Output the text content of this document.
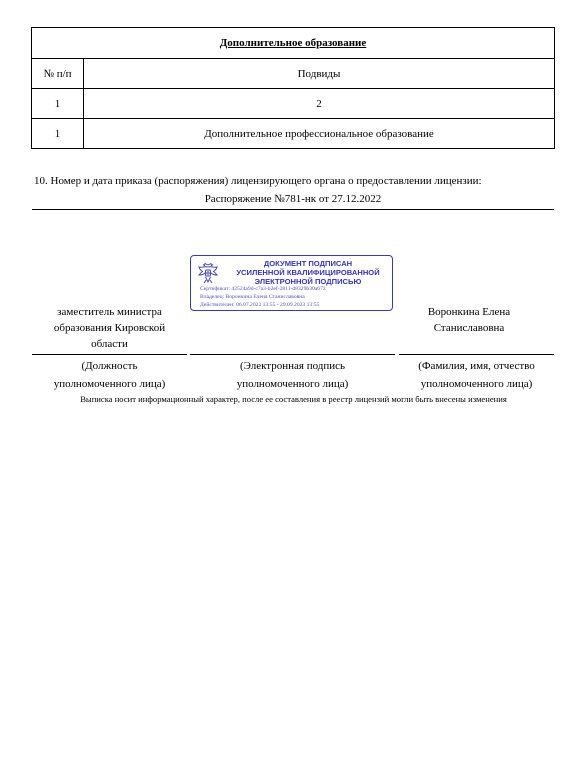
Дополнительное образование	
№ п/п	Подвиды
1	2
1	Дополнительное профессиональное образование
10. Номер и дата приказа (распоряжения) лицензирующего органа о предоставлении лицензии:
Распоряжение №781-нк от 27.12.2022
ДОКУМЕНТ ПОДПИСАН
УСИЛЕННОЙ КВАЛИФИЦИРОВАННОЙ
ЭЛЕКТРОННОЙ ПОДПИСЬЮ
Сертификат: 42524a9d-c7a3-b2ef-2811-d8329b30a672
Владелец: Воронкина Елена Станиславовна
Действителен: 06.07.2022 13:55 - 29.09.2023 13:55
заместитель министра
образования Кировской
области
Воронкина Елена
Станиславовна
(Должность
уполномоченного лица)
(Электронная подпись
уполномоченного лица)
(Фамилия, имя, отчество
уполномоченного лица)
Выписка носит информационный характер, после ее составления в реестр лицензий могли быть внесены изменения
